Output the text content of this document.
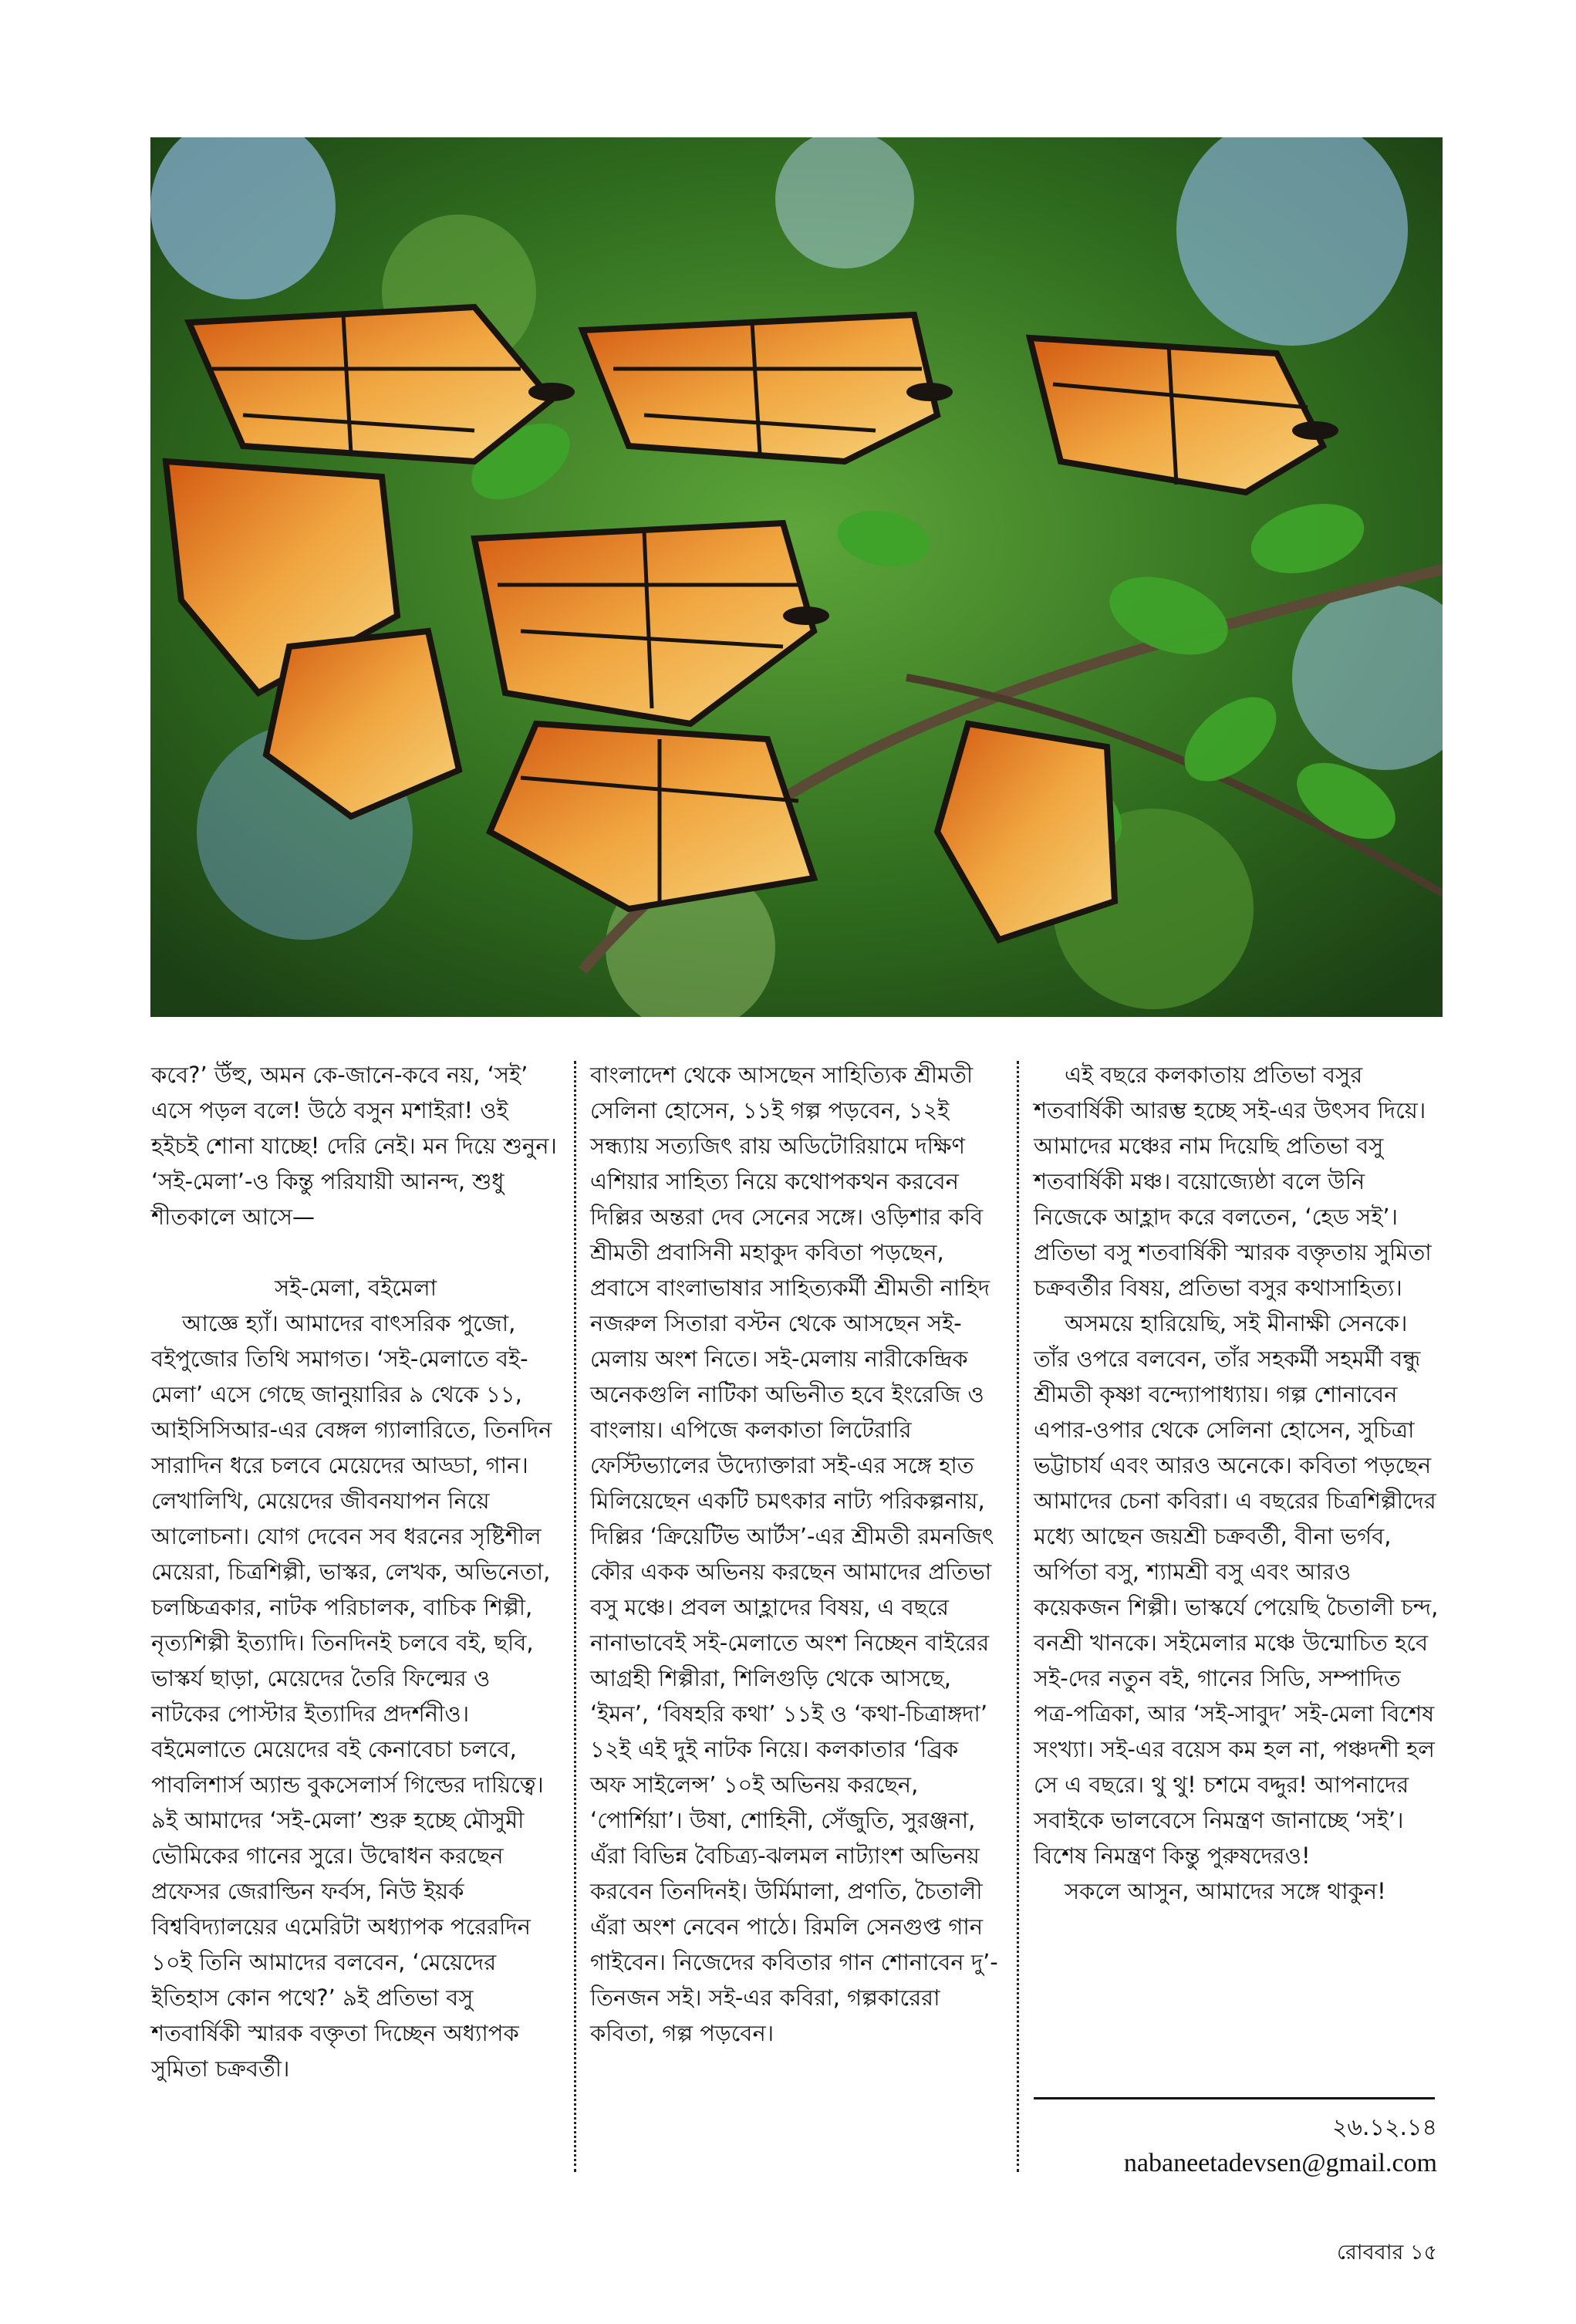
কবে?’ উঁহু, অমন কে-জানে-কবে নয়, ‘সই’ এসে পড়ল বলে! উঠে বসুন মশাইরা! ওই হইচই শোনা যাচ্ছে! দেরি নেই। মন দিয়ে শুনুন। ‘সই-মেলা’-ও কিন্তু পরিযায়ী আনন্দ, শুধু শীতকালে আসে—

সই-মেলা, বইমেলা

আজ্ঞে হ্যাঁ। আমাদের বাৎসরিক পুজো, বইপুজোর তিথি সমাগত। ‘সই-মেলাতে বই-মেলা’ এসে গেছে জানুয়ারির ৯ থেকে ১১, আইসিসিআর-এর বেঙ্গল গ্যালারিতে, তিনদিন সারাদিন ধরে চলবে মেয়েদের আড্ডা, গান। লেখালিখি, মেয়েদের জীবনযাপন নিয়ে আলোচনা। যোগ দেবেন সব ধরনের সৃষ্টিশীল মেয়েরা, চিত্রশিল্পী, ভাস্কর, লেখক, অভিনেতা, চলচ্চিত্রকার, নাটক পরিচালক, বাচিক শিল্পী, নৃত্যশিল্পী ইত্যাদি। তিনদিনই চলবে বই, ছবি, ভাস্কর্য ছাড়া, মেয়েদের তৈরি ফিল্মের ও নাটকের পোস্টার ইত্যাদির প্রদর্শনীও। বইমেলাতে মেয়েদের বই কেনাবেচা চলবে, পাবলিশার্স অ্যান্ড বুকসেলার্স গিল্ডের দায়িত্বে। ৯ই আমাদের ‘সই-মেলা’ শুরু হচ্ছে মৌসুমী ভৌমিকের গানের সুরে। উদ্বোধন করছেন প্রফেসর জেরাল্ডিন ফর্বস, নিউ ইয়র্ক বিশ্ববিদ্যালয়ের এমেরিটা অধ্যাপক পরেরদিন ১০ই তিনি আমাদের বলবেন, ‘মেয়েদের ইতিহাস কোন পথে?’ ৯ই প্রতিভা বসু শতবার্ষিকী স্মারক বক্তৃতা দিচ্ছেন অধ্যাপক সুমিতা চক্রবর্তী।

বাংলাদেশ থেকে আসছেন সাহিত্যিক শ্রীমতী সেলিনা হোসেন, ১১ই গল্প পড়বেন, ১২ই সন্ধ্যায় সত্যজিৎ রায় অডিটোরিয়ামে দক্ষিণ এশিয়ার সাহিত্য নিয়ে কথোপকথন করবেন দিল্লির অন্তরা দেব সেনের সঙ্গে। ওড়িশার কবি শ্রীমতী প্রবাসিনী মহাকুদ কবিতা পড়ছেন, প্রবাসে বাংলাভাষার সাহিত্যকর্মী শ্রীমতী নাহিদ নজরুল সিতারা বস্টন থেকে আসছেন সই-মেলায় অংশ নিতে। সই-মেলায় নারীকেন্দ্রিক অনেকগুলি নাটিকা অভিনীত হবে ইংরেজি ও বাংলায়। এপিজে কলকাতা লিটেরারি ফেস্টিভ্যালের উদ্যোক্তারা সই-এর সঙ্গে হাত মিলিয়েছেন একটি চমৎকার নাট্য পরিকল্পনায়, দিল্লির ‘ক্রিয়েটিভ আর্টস’-এর শ্রীমতী রমনজিৎ কৌর একক অভিনয় করছেন আমাদের প্রতিভা বসু মঞ্চে। প্রবল আহ্লাদের বিষয়, এ বছরে নানাভাবেই সই-মেলাতে অংশ নিচ্ছেন বাইরের আগ্রহী শিল্পীরা, শিলিগুড়ি থেকে আসছে, ‘ইমন’, ‘বিষহরি কথা’ ১১ই ও ‘কথা-চিত্রাঙ্গদা’ ১২ই এই দুই নাটক নিয়ে। কলকাতার ‘ব্রিক অফ সাইলেন্স’ ১০ই অভিনয় করছেন, ‘পোর্শিয়া’। উষা, শোহিনী, সেঁজুতি, সুরঞ্জনা, এঁরা বিভিন্ন বৈচিত্র্য-ঝলমল নাট্যাংশ অভিনয় করবেন তিনদিনই। উর্মিমালা, প্রণতি, চৈতালী এঁরা অংশ নেবেন পাঠে। রিমলি সেনগুপ্ত গান গাইবেন। নিজেদের কবিতার গান শোনাবেন দু’-তিনজন সই। সই-এর কবিরা, গল্পকারেরা কবিতা, গল্প পড়বেন।

এই বছরে কলকাতায় প্রতিভা বসুর শতবার্ষিকী আরম্ভ হচ্ছে সই-এর উৎসব দিয়ে। আমাদের মঞ্চের নাম দিয়েছি প্রতিভা বসু শতবার্ষিকী মঞ্চ। বয়োজ্যেষ্ঠা বলে উনি নিজেকে আহ্লাদ করে বলতেন, ‘হেড সই’। প্রতিভা বসু শতবার্ষিকী স্মারক বক্তৃতায় সুমিতা চক্রবর্তীর বিষয়, প্রতিভা বসুর কথাসাহিত্য।

অসময়ে হারিয়েছি, সই মীনাক্ষী সেনকে। তাঁর ওপরে বলবেন, তাঁর সহকর্মী সহমর্মী বন্ধু শ্রীমতী কৃষ্ণা বন্দ্যোপাধ্যায়। গল্প শোনাবেন এপার-ওপার থেকে সেলিনা হোসেন, সুচিত্রা ভট্টাচার্য এবং আরও অনেকে। কবিতা পড়ছেন আমাদের চেনা কবিরা। এ বছরের চিত্রশিল্পীদের মধ্যে আছেন জয়শ্রী চক্রবর্তী, বীনা ভর্গব, অর্পিতা বসু, শ্যামশ্রী বসু এবং আরও কয়েকজন শিল্পী। ভাস্কর্যে পেয়েছি চৈতালী চন্দ, বনশ্রী খানকে। সইমেলার মঞ্চে উন্মোচিত হবে সই-দের নতুন বই, গানের সিডি, সম্পাদিত পত্র-পত্রিকা, আর ‘সই-সাবুদ’ সই-মেলা বিশেষ সংখ্যা। সই-এর বয়েস কম হল না, পঞ্চদশী হল সে এ বছরে। থু থু! চশমে বদ্দুর! আপনাদের সবাইকে ভালবেসে নিমন্ত্রণ জানাচ্ছে ‘সই’। বিশেষ নিমন্ত্রণ কিন্তু পুরুষদেরও!

সকলে আসুন, আমাদের সঙ্গে থাকুন!

২৬.১২.১৪
nabaneetadevsen@gmail.com
রোববার ১৫
